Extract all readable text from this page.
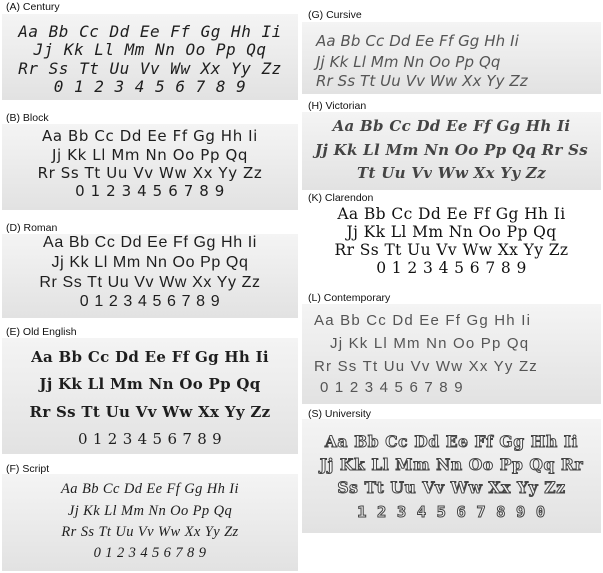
(A) Century
Aa Bb Cc Dd Ee Ff Gg Hh Ii
Jj Kk Ll Mm Nn Oo Pp Qq
Rr Ss Tt Uu Vv Ww Xx Yy Zz
0 1 2 3 4 5 6 7 8 9
(B) Block
Aa Bb Cc Dd Ee Ff Gg Hh Ii
Jj Kk Ll Mm Nn Oo Pp Qq
Rr Ss Tt Uu Vv Ww Xx Yy Zz
0 1 2 3 4 5 6 7 8 9
(D) Roman
Aa Bb Cc Dd Ee Ff Gg Hh Ii
Jj Kk Ll Mm Nn Oo Pp Qq
Rr Ss Tt Uu Vv Ww Xx Yy Zz
0 1 2 3 4 5 6 7 8 9
(E) Old English
Aa Bb Cc Dd Ee Ff Gg Hh Ii
Jj Kk Ll Mm Nn Oo Pp Qq
Rr Ss Tt Uu Vv Ww Xx Yy Zz
0 1 2 3 4 5 6 7 8 9
(F) Script
Aa Bb Cc Dd Ee Ff Gg Hh Ii
Jj Kk Ll Mm Nn Oo Pp Qq
Rr Ss Tt Uu Vv Ww Xx Yy Zz
0 1 2 3 4 5 6 7 8 9
(G) Cursive
Aa Bb Cc Dd Ee Ff Gg Hh Ii
Jj Kk Ll Mm Nn Oo Pp Qq
Rr Ss Tt Uu Vv Ww Xx Yy Zz
(H) Victorian
Aa Bb Cc Dd Ee Ff Gg Hh Ii
Jj Kk Ll Mm Nn Oo Pp Qq Rr Ss
Tt Uu Vv Ww Xx Yy Zz
(K) Clarendon
Aa Bb Cc Dd Ee Ff Gg Hh Ii
Jj Kk Ll Mm Nn Oo Pp Qq
Rr Ss Tt Uu Vv Ww Xx Yy Zz
0 1 2 3 4 5 6 7 8 9
(L) Contemporary
Aa Bb Cc Dd Ee Ff Gg Hh Ii
Jj Kk Ll Mm Nn Oo Pp Qq
Rr Ss Tt Uu Vv Ww Xx Yy Zz
0 1 2 3 4 5 6 7 8 9
(S) University
Aa Bb Cc Dd Ee Ff Gg Hh Ii
Jj Kk Ll Mm Nn Oo Pp Qq Rr
Ss Tt Uu Vv Ww Xx Yy Zz
1 2 3 4 5 6 7 8 9 0
